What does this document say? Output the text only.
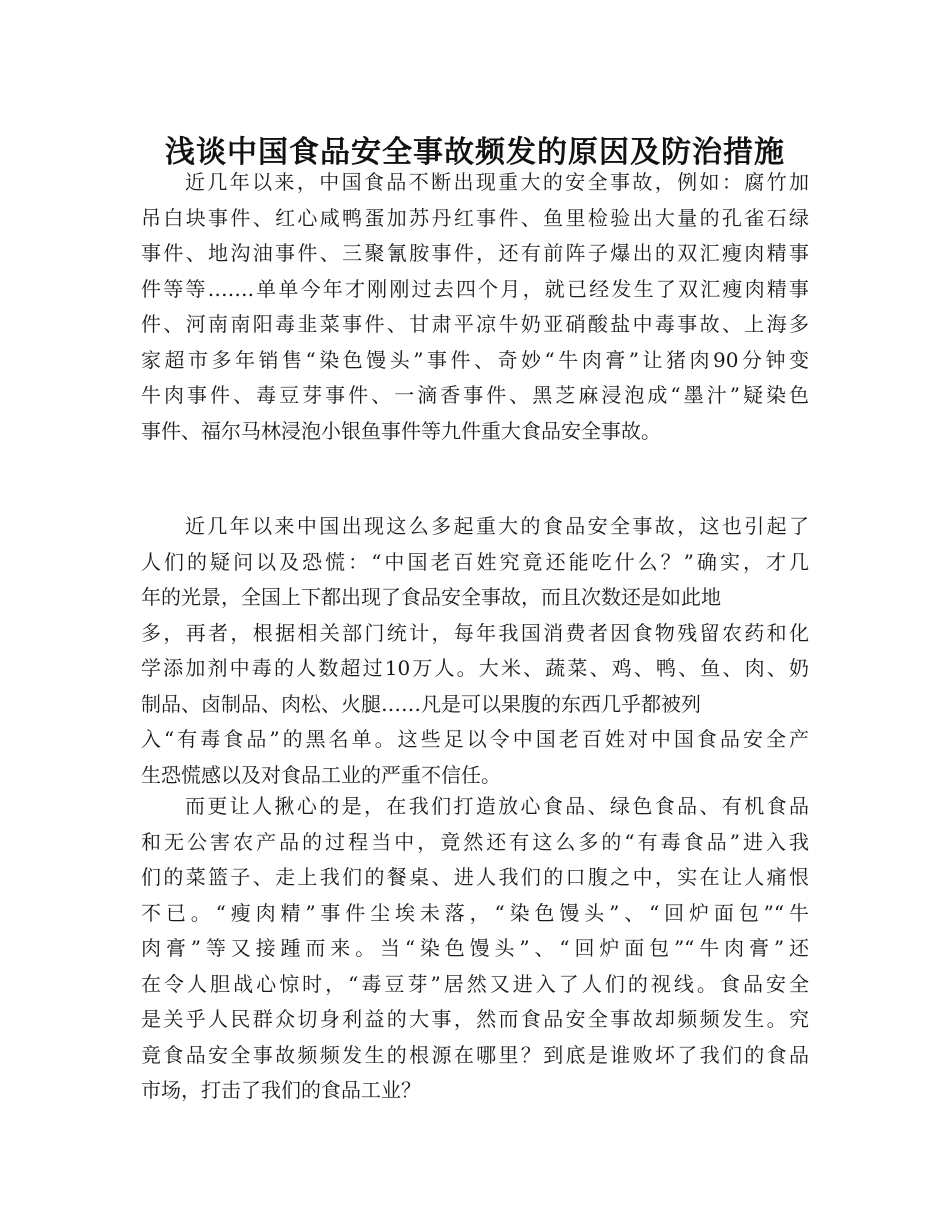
浅谈中国食品安全事故频发的原因及防治措施
近几年以来，中国食品不断出现重大的安全事故，例如：腐竹加
吊白块事件、红心咸鸭蛋加苏丹红事件、鱼里检验出大量的孔雀石绿
事件、地沟油事件、三聚氰胺事件，还有前阵子爆出的双汇瘦肉精事
件等等…….单单今年才刚刚过去四个月，就已经发生了双汇瘦肉精事
件、河南南阳毒韭菜事件、甘肃平凉牛奶亚硝酸盐中毒事故、上海多
家超市多年销售“染色馒头”事件、奇妙“牛肉膏”让猪肉90分钟变
牛肉事件、毒豆芽事件、一滴香事件、黑芝麻浸泡成“墨汁”疑染色
事件、福尔马林浸泡小银鱼事件等九件重大食品安全事故。
近几年以来中国出现这么多起重大的食品安全事故，这也引起了
人们的疑问以及恐慌：“中国老百姓究竟还能吃什么？”确实，才几
年的光景，全国上下都出现了食品安全事故，而且次数还是如此地
多，再者，根据相关部门统计，每年我国消费者因食物残留农药和化
学添加剂中毒的人数超过10万人。大米、蔬菜、鸡、鸭、鱼、肉、奶
制品、卤制品、肉松、火腿……凡是可以果腹的东西几乎都被列
入“有毒食品”的黑名单。这些足以令中国老百姓对中国食品安全产
生恐慌感以及对食品工业的严重不信任。
而更让人揪心的是，在我们打造放心食品、绿色食品、有机食品
和无公害农产品的过程当中，竟然还有这么多的“有毒食品”进入我
们的菜篮子、走上我们的餐桌、进人我们的口腹之中，实在让人痛恨
不已。“瘦肉精”事件尘埃未落，“染色馒头”、“回炉面包”“牛
肉膏”等又接踵而来。当“染色馒头”、“回炉面包”“牛肉膏”还
在令人胆战心惊时，“毒豆芽”居然又进入了人们的视线。食品安全
是关乎人民群众切身利益的大事，然而食品安全事故却频频发生。究
竟食品安全事故频频发生的根源在哪里？到底是谁败坏了我们的食品
市场，打击了我们的食品工业？
